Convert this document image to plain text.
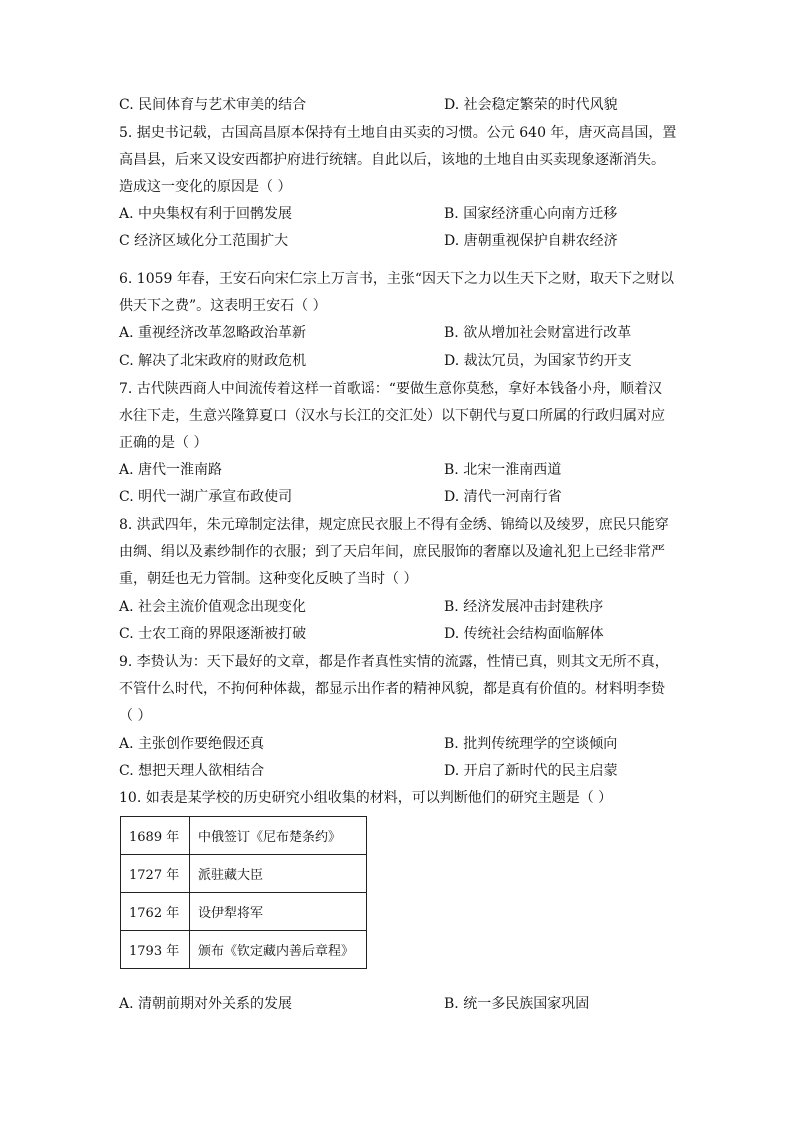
C. 民间体育与艺术审美的结合	D. 社会稳定繁荣的时代风貌
5. 据史书记载，古国高昌原本保持有土地自由买卖的习惯。公元 640 年，唐灭高昌国，置
高昌县，后来又设安西都护府进行统辖。自此以后，该地的土地自由买卖现象逐渐消失。
造成这一变化的原因是（ ）
A. 中央集权有利于回鹘发展	B. 国家经济重心向南方迁移
C 经济区域化分工范围扩大	D. 唐朝重视保护自耕农经济
6. 1059 年春，王安石向宋仁宗上万言书，主张“因天下之力以生天下之财，取天下之财以
供天下之费”。这表明王安石（ ）
A. 重视经济改革忽略政治革新	B. 欲从增加社会财富进行改革
C. 解决了北宋政府的财政危机	D. 裁汰冗员，为国家节约开支
7. 古代陕西商人中间流传着这样一首歌谣：“要做生意你莫愁，拿好本钱备小舟，顺着汉
水往下走，生意兴隆算夏口（汉水与长江的交汇处）以下朝代与夏口所属的行政归属对应
正确的是（ ）
A. 唐代一淮南路	B. 北宋一淮南西道
C. 明代一湖广承宣布政使司	D. 清代一河南行省
8. 洪武四年，朱元璋制定法律，规定庶民衣服上不得有金绣、锦绮以及绫罗，庶民只能穿
由绸、绢以及素纱制作的衣服；到了天启年间，庶民服饰的奢靡以及逾礼犯上已经非常严
重，朝廷也无力管制。这种变化反映了当时（ ）
A. 社会主流价值观念出现变化	B. 经济发展冲击封建秩序
C. 士农工商的界限逐渐被打破	D. 传统社会结构面临解体
9. 李贽认为：天下最好的文章，都是作者真性实情的流露，性情已真，则其文无所不真，
不管什么时代，不拘何种体裁，都显示出作者的精神风貌，都是真有价值的。材料明李贽
（ ）
A. 主张创作要绝假还真	B. 批判传统理学的空谈倾向
C. 想把天理人欲相结合	D. 开启了新时代的民主启蒙
10. 如表是某学校的历史研究小组收集的材料，可以判断他们的研究主题是（ ）
1689 年	中俄签订《尼布楚条约》
1727 年	派驻藏大臣
1762 年	设伊犁将军
1793 年	颁布《钦定藏内善后章程》
A. 清朝前期对外关系的发展	B. 统一多民族国家巩固
